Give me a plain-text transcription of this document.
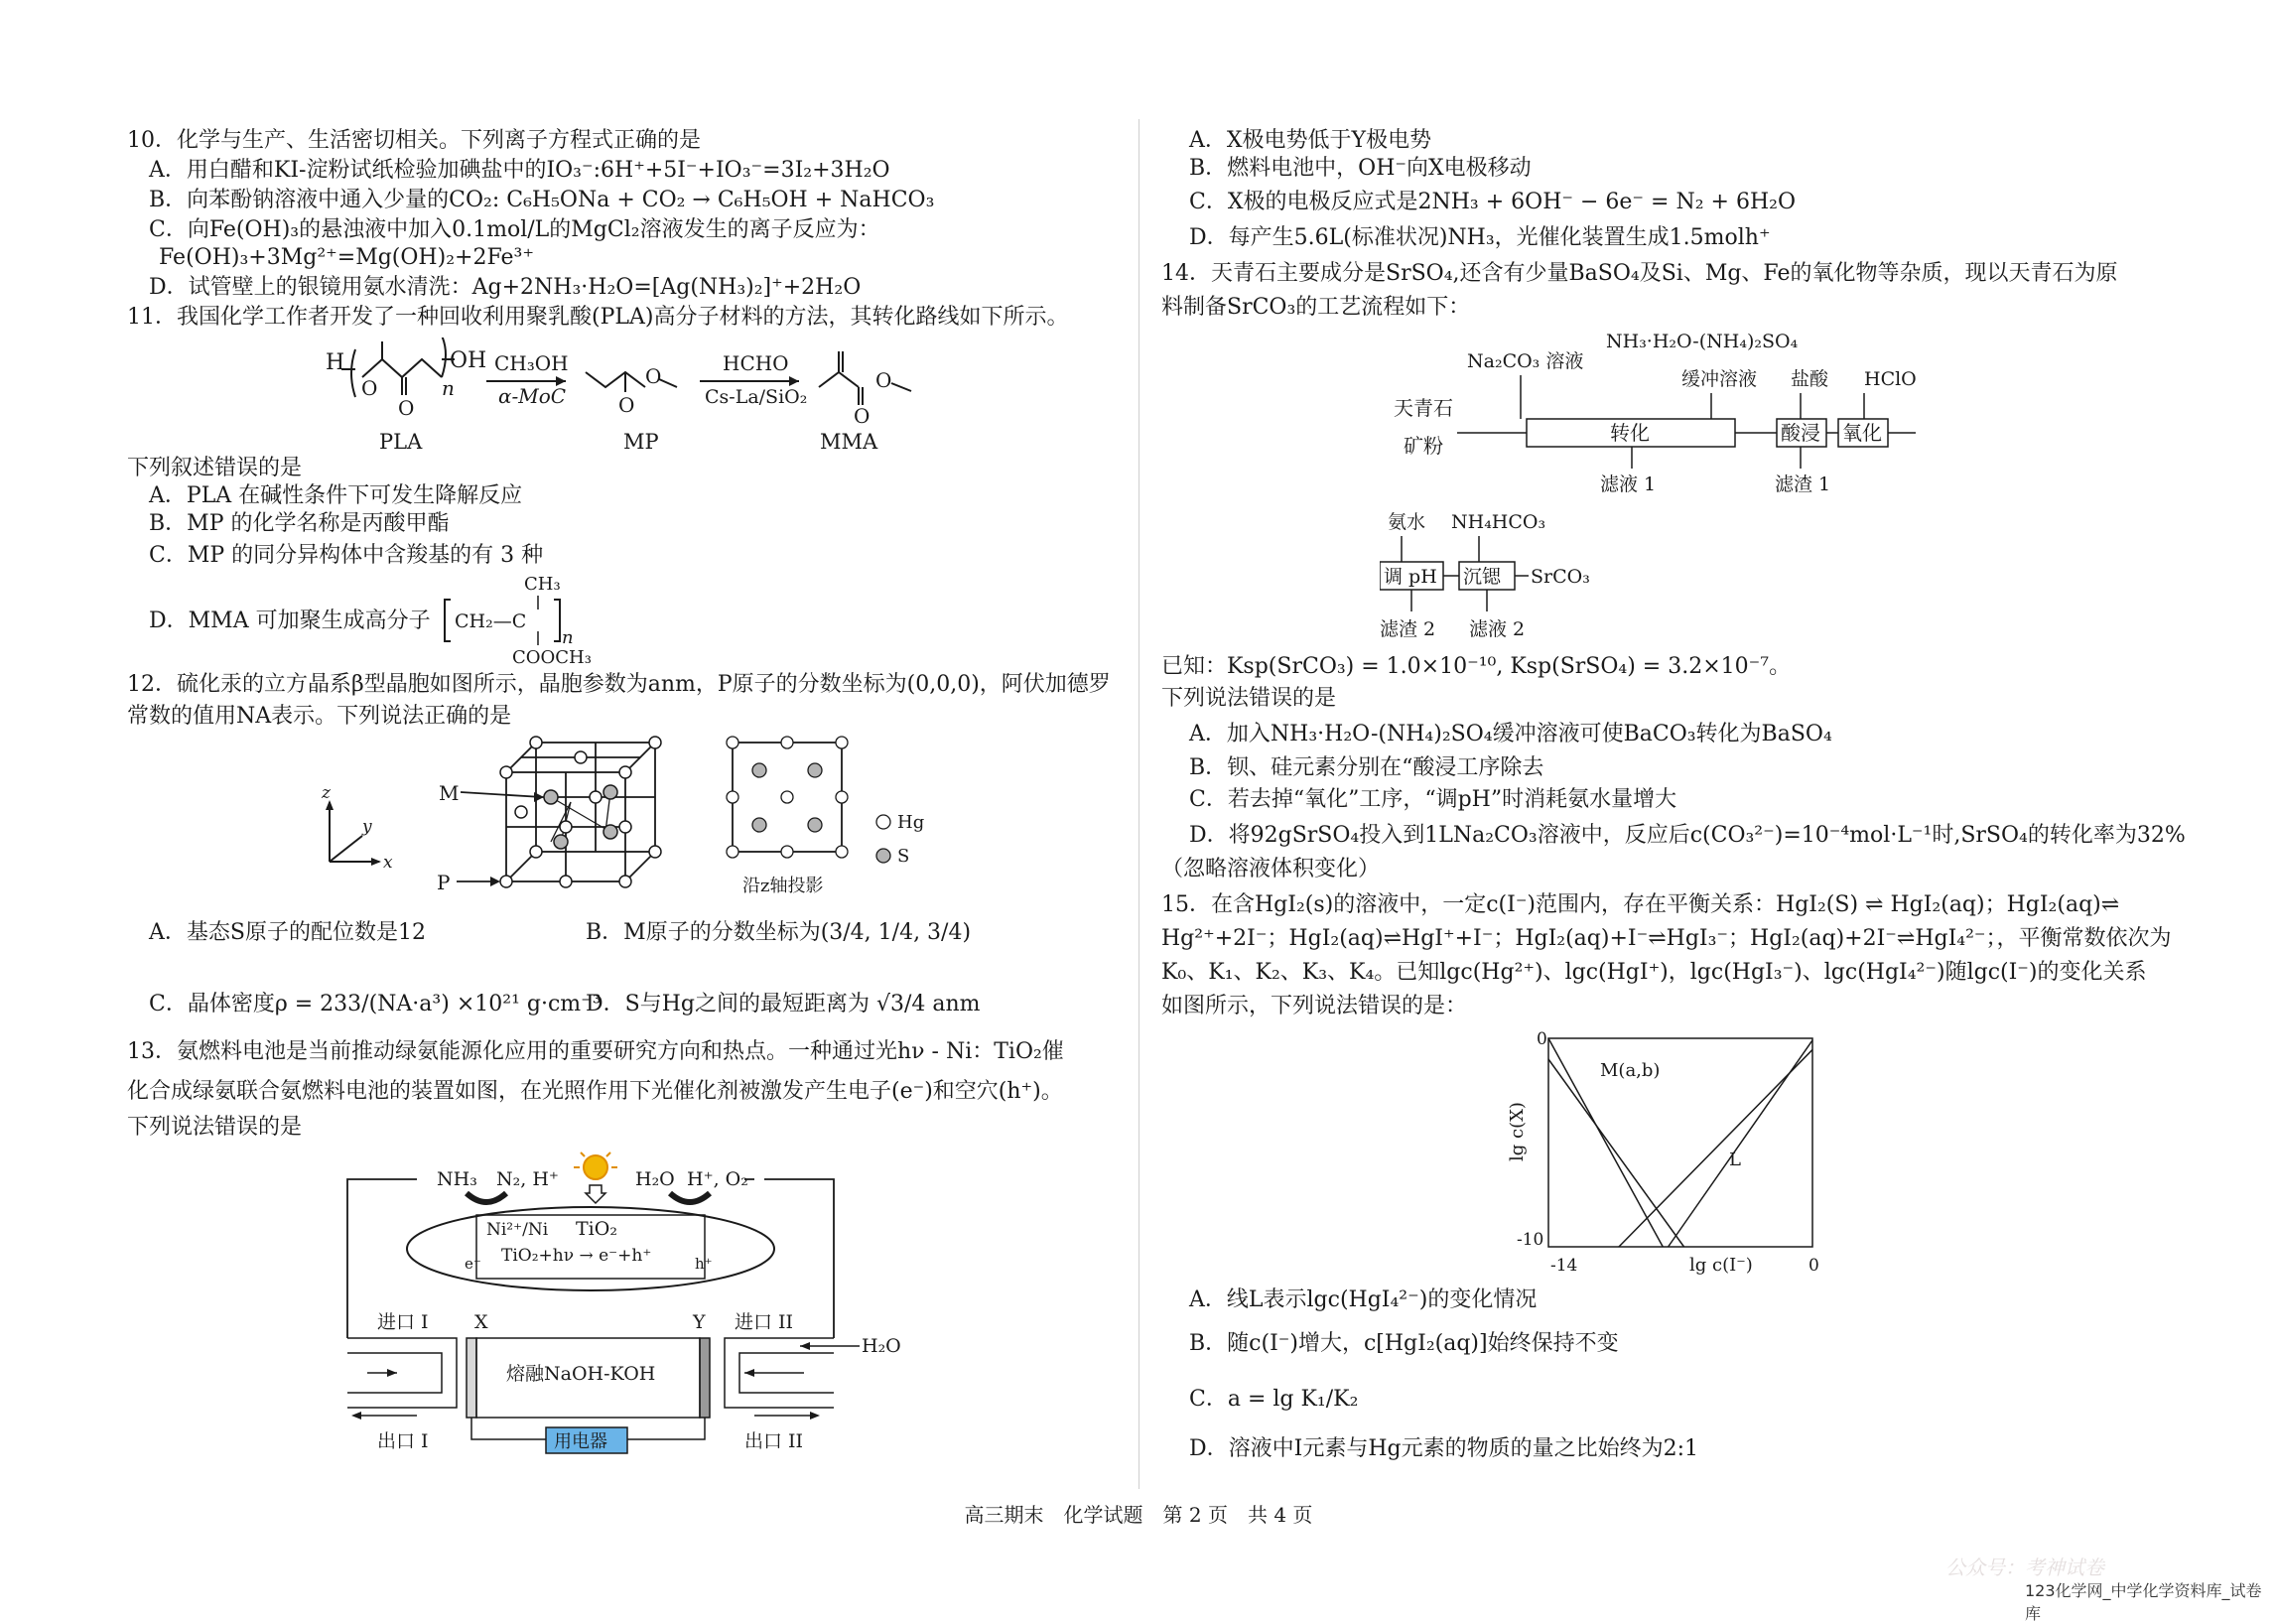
10．化学与生产、生活密切相关。下列离子方程式正确的是
A．用白醋和KI-淀粉试纸检验加碘盐中的IO₃⁻:6H⁺+5I⁻+IO₃⁻=3I₂+3H₂O
B．向苯酚钠溶液中通入少量的CO₂: C₆H₅ONa + CO₂ → C₆H₅OH + NaHCO₃
C．向Fe(OH)₃的悬浊液中加入0.1mol/L的MgCl₂溶液发生的离子反应为：
Fe(OH)₃+3Mg²⁺=Mg(OH)₂+2Fe³⁺
D．试管壁上的银镜用氨水清洗：Ag+2NH₃·H₂O=[Ag(NH₃)₂]⁺+2H₂O
11．我国化学工作者开发了一种回收利用聚乳酸(PLA)高分子材料的方法，其转化路线如下所示。
H
O
O
OH
n
CH₃OH
α-MoC	O
O
HCHO
Cs-La/SiO₂
O
O
PLA	MP	MMA
下列叙述错误的是
A．PLA 在碱性条件下可发生降解反应
B．MP 的化学名称是丙酸甲酯
C．MP 的同分异构体中含羧基的有 3 种
D．MMA 可加聚生成高分子
CH₃
CH₂—C
n
COOCH₃
12．硫化汞的立方晶系β型晶胞如图所示，晶胞参数为anm，P原子的分数坐标为(0,0,0)，阿伏加德罗
常数的值用NA表示。下列说法正确的是
z
y
x
M
P	沿z轴投影
Hg
S
A．基态S原子的配位数是12	B．M原子的分数坐标为(3/4, 1/4, 3/4)
C．晶体密度ρ = 233/(NA·a³) ×10²¹ g·cm⁻³
D．S与Hg之间的最短距离为 √3/4 anm
13．氨燃料电池是当前推动绿氨能源化应用的重要研究方向和热点。一种通过光hν - Ni：TiO₂催
化合成绿氨联合氨燃料电池的装置如图，在光照作用下光催化剂被激发产生电子(e⁻)和空穴(h⁺)。
下列说法错误的是
NH₃ N₂, H⁺	H₂O H⁺, O₂
Ni²⁺/Ni TiO₂
TiO₂+hν → e⁻+h⁺
e⁻	h⁺
进口 I X	Y 进口 II
H₂O
熔融NaOH-KOH
用电器
出口 I	出口 II
A．X极电势低于Y极电势
B．燃料电池中，OH⁻向X电极移动
C．X极的电极反应式是2NH₃ + 6OH⁻ − 6e⁻ = N₂ + 6H₂O
D．每产生5.6L(标准状况)NH₃，光催化装置生成1.5molh⁺
14．天青石主要成分是SrSO₄,还含有少量BaSO₄及Si、Mg、Fe的氧化物等杂质，现以天青石为原
料制备SrCO₃的工艺流程如下：
NH₃·H₂O-(NH₄)₂SO₄
Na₂CO₃ 溶液
缓冲溶液 盐酸 HClO
天青石
矿粉
转化	酸浸 氧化
滤液 1	滤渣 1
氨水 NH₄HCO₃
调 pH 沉锶 SrCO₃
滤渣 2 滤液 2
已知：Ksp(SrCO₃) = 1.0×10⁻¹⁰, Ksp(SrSO₄) = 3.2×10⁻⁷。
下列说法错误的是
A．加入NH₃·H₂O-(NH₄)₂SO₄缓冲溶液可使BaCO₃转化为BaSO₄
B．钡、硅元素分别在“酸浸工序除去
C．若去掉“氧化”工序，“调pH”时消耗氨水量增大
D．将92gSrSO₄投入到1LNa₂CO₃溶液中，反应后c(CO₃²⁻)=10⁻⁴mol·L⁻¹时,SrSO₄的转化率为32%
（忽略溶液体积变化）
15．在含HgI₂(s)的溶液中，一定c(I⁻)范围内，存在平衡关系：HgI₂(S) ⇌ HgI₂(aq)；HgI₂(aq)⇌
Hg²⁺+2I⁻；HgI₂(aq)⇌HgI⁺+I⁻；HgI₂(aq)+I⁻⇌HgI₃⁻；HgI₂(aq)+2I⁻⇌HgI₄²⁻；，平衡常数依次为
K₀、K₁、K₂、K₃、K₄。已知lgc(Hg²⁺)、lgc(HgI⁺)，lgc(HgI₃⁻)、lgc(HgI₄²⁻)随lgc(I⁻)的变化关系
如图所示，下列说法错误的是：
lg c(X)
lg c(I⁻)
0
-10
-14	0
M(a,b)
L
A．线L表示lgc(HgI₄²⁻)的变化情况
B．随c(I⁻)增大，c[HgI₂(aq)]始终保持不变
C．a = lg K₁/K₂
D．溶液中I元素与Hg元素的物质的量之比始终为2:1
高三期末　化学试题　第 2 页　共 4 页
公众号：考神试卷
123化学网_中学化学资料库_试卷库
